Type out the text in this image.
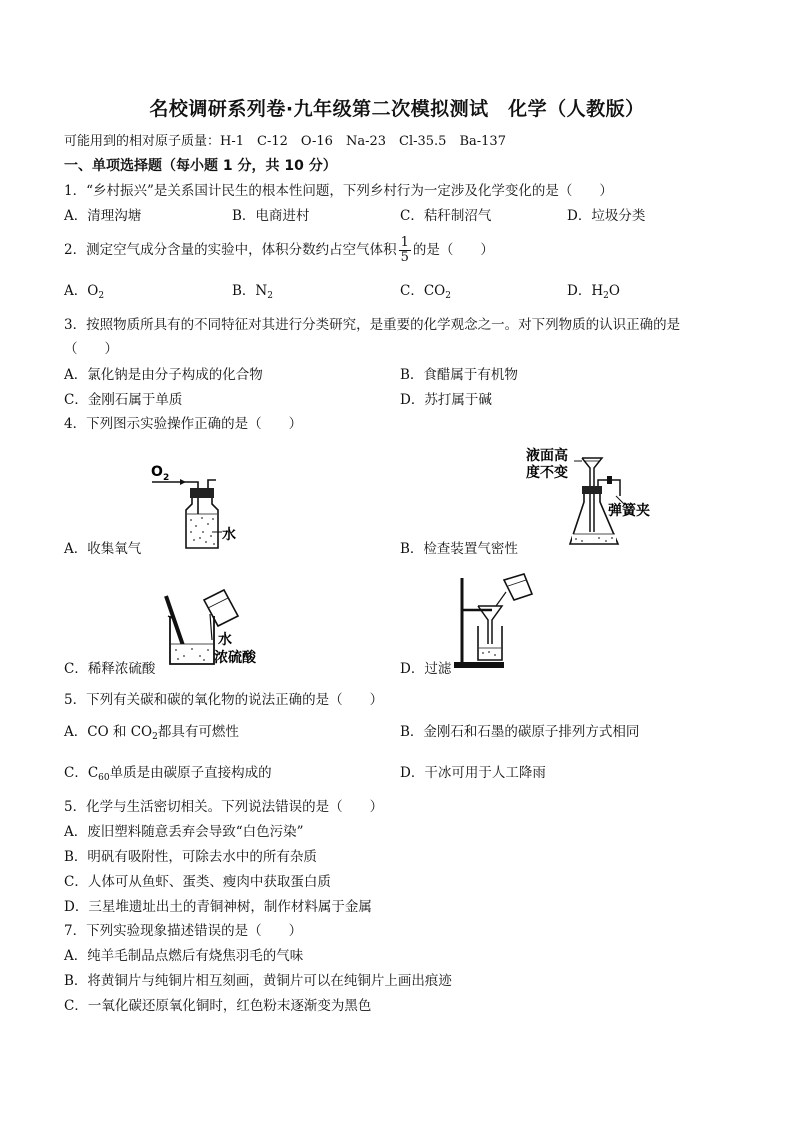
名校调研系列卷·九年级第二次模拟测试　化学（人教版）
可能用到的相对原子质量：H-1　C-12　O-16　Na-23　Cl-35.5　Ba-137
一、单项选择题（每小题 1 分，共 10 分）
1．“乡村振兴”是关系国计民生的根本性问题，下列乡村行为一定涉及化学变化的是（　　）
A．清理沟塘	B．电商进村	C．秸秆制沼气	D．垃圾分类
2．测定空气成分含量的实验中，体积分数约占空气体积 $\frac{1}{5}$ 的是（　　）
A．$O_2$	B．$N_2$	C．$CO_2$	D．$H_2O$
3．按照物质所具有的不同特征对其进行分类研究，是重要的化学观念之一。对下列物质的认识正确的是
（　　）
A．氯化钠是由分子构成的化合物	B．食醋属于有机物
C．金刚石属于单质	D．苏打属于碱
4．下列图示实验操作正确的是（　　）
O 2
水
A．收集氧气
液面高
度不变
弹簧夹
B．检查装置气密性
水
浓硫酸
C．稀释浓硫酸	D．过滤
5．下列有关碳和碳的氧化物的说法正确的是（　　）
A．CO 和 $CO_2$都具有可燃性	B．金刚石和石墨的碳原子排列方式相同
C．$C_{60}$单质是由碳原子直接构成的	D．干冰可用于人工降雨
5．化学与生活密切相关。下列说法错误的是（　　）
A．废旧塑料随意丢弃会导致“白色污染”
B．明矾有吸附性，可除去水中的所有杂质
C．人体可从鱼虾、蛋类、瘦肉中获取蛋白质
D．三星堆遗址出土的青铜神树，制作材料属于金属
7．下列实验现象描述错误的是（　　）
A．纯羊毛制品点燃后有烧焦羽毛的气味
B．将黄铜片与纯铜片相互刻画，黄铜片可以在纯铜片上画出痕迹
C．一氧化碳还原氧化铜时，红色粉末逐渐变为黑色
